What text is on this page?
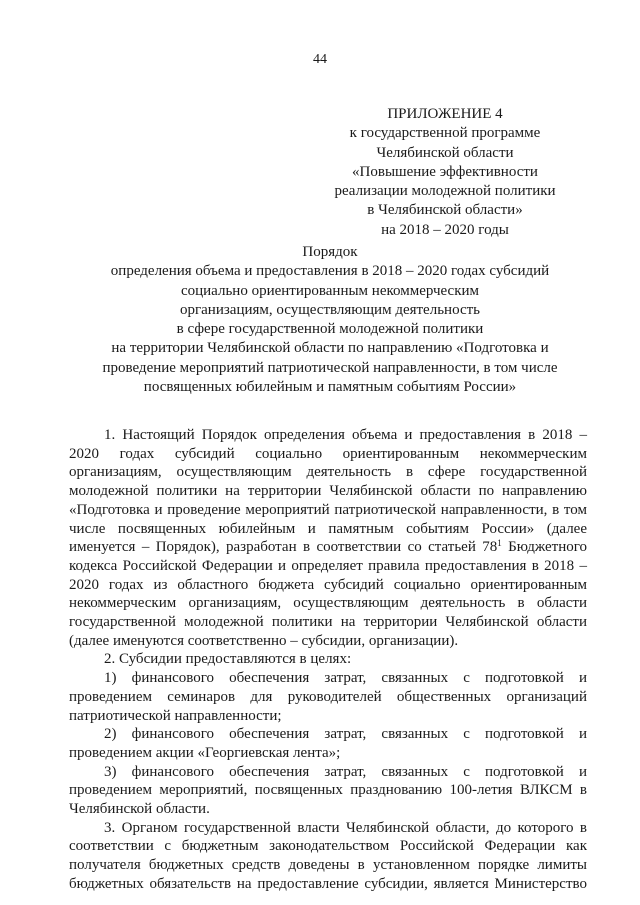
44
ПРИЛОЖЕНИЕ 4
к государственной программе
Челябинской области
«Повышение эффективности
реализации молодежной политики
в Челябинской области»
на 2018 – 2020 годы
Порядок
определения объема и предоставления в 2018 – 2020 годах субсидий
социально ориентированным некоммерческим
организациям, осуществляющим деятельность
в сфере государственной молодежной политики
на территории Челябинской области по направлению «Подготовка и
проведение мероприятий патриотической направленности, в том числе
посвященных юбилейным и памятным событиям России»
1. Настоящий Порядок определения объема и предоставления в 2018 –
2020 годах субсидий социально ориентированным некоммерческим
организациям, осуществляющим деятельность в сфере государственной
молодежной политики на территории Челябинской области по направлению
«Подготовка и проведение мероприятий патриотической направленности, в том
числе посвященных юбилейным и памятным событиям России» (далее
именуется – Порядок), разработан в соответствии со статьей $78^1$ Бюджетного
кодекса Российской Федерации и определяет правила предоставления в 2018 –
2020 годах из областного бюджета субсидий социально ориентированным
некоммерческим организациям, осуществляющим деятельность в области
государственной молодежной политики на территории Челябинской области
(далее именуются соответственно – субсидии, организации).
2. Субсидии предоставляются в целях:
1) финансового обеспечения затрат, связанных с подготовкой и
проведением семинаров для руководителей общественных организаций
патриотической направленности;
2) финансового обеспечения затрат, связанных с подготовкой и
проведением акции «Георгиевская лента»;
3) финансового обеспечения затрат, связанных с подготовкой и
проведением мероприятий, посвященных празднованию 100-летия ВЛКСМ в
Челябинской области.
3. Органом государственной власти Челябинской области, до которого в
соответствии с бюджетным законодательством Российской Федерации как
получателя бюджетных средств доведены в установленном порядке лимиты
бюджетных обязательств на предоставление субсидии, является Министерство
